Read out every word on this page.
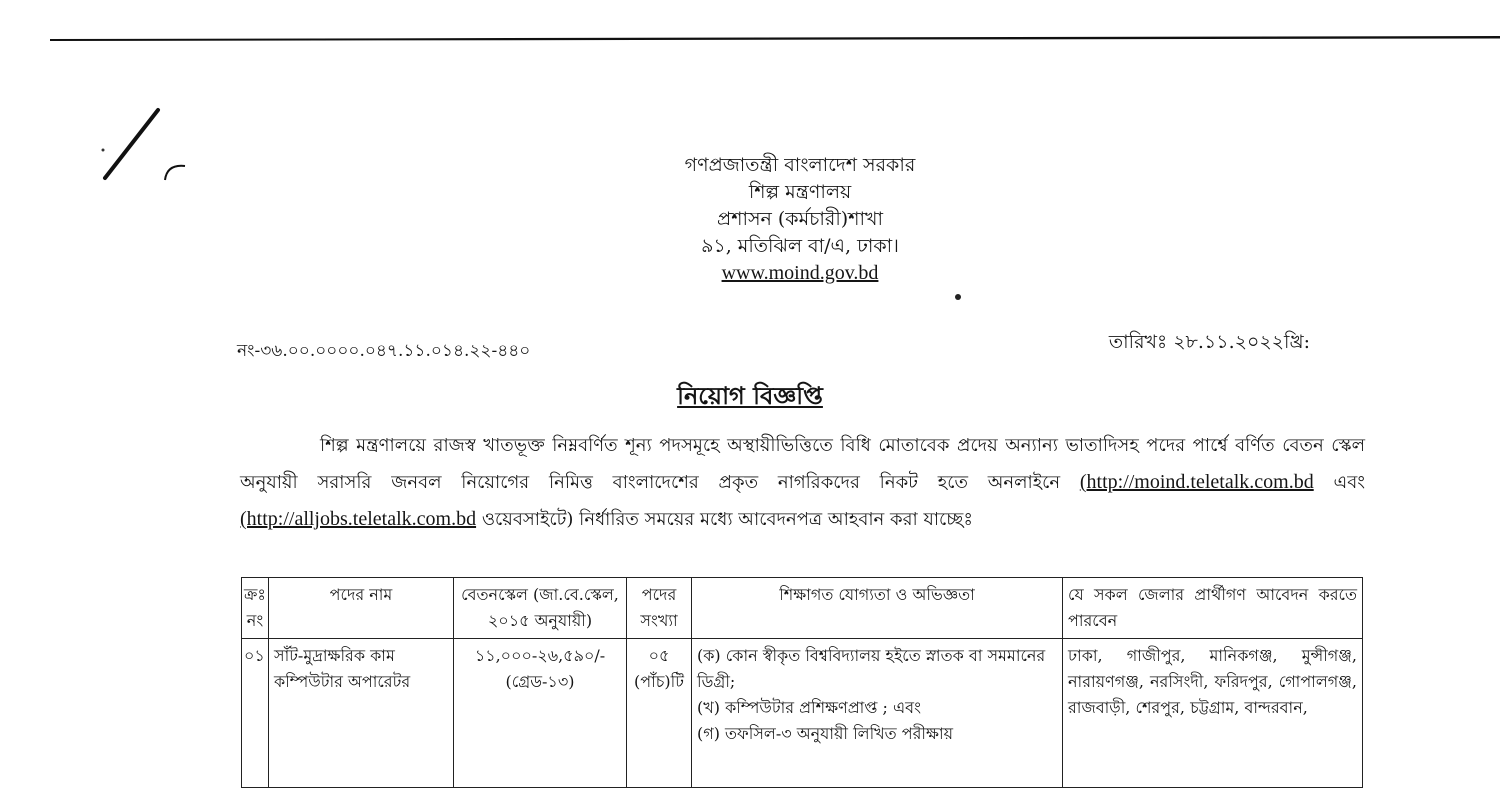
গণপ্রজাতন্ত্রী বাংলাদেশ সরকার
শিল্প মন্ত্রণালয়
প্রশাসন (কর্মচারী)শাখা
৯১, মতিঝিল বা/এ, ঢাকা।
www.moind.gov.bd
নং-৩৬.০০.০০০০.০৪৭.১১.০১৪.২২-৪৪০	তারিখঃ ২৮.১১.২০২২খ্রি:
নিয়োগ বিজ্ঞপ্তি
শিল্প মন্ত্রণালয়ে রাজস্ব খাতভূক্ত নিম্নবর্ণিত শূন্য পদসমূহে অস্থায়ীভিত্তিতে বিধি মোতাবেক প্রদেয় অন্যান্য ভাতাদিসহ পদের পার্শ্বে বর্ণিত বেতন স্কেল অনুযায়ী সরাসরি জনবল নিয়োগের নিমিত্ত বাংলাদেশের প্রকৃত নাগরিকদের নিকট হতে অনলাইনে (http://moind.teletalk.com.bd এবং (http://alljobs.teletalk.com.bd ওয়েবসাইটে) নির্ধারিত সময়ের মধ্যে আবেদনপত্র আহবান করা যাচ্ছেঃ
ক্রঃ নং	পদের নাম	বেতনস্কেল (জা.বে.স্কেল, ২০১৫ অনুযায়ী)	পদের সংখ্যা	শিক্ষাগত যোগ্যতা ও অভিজ্ঞতা	যে সকল জেলার প্রার্থীগণ আবেদন করতে পারবেন
০১	সাঁট-মুদ্রাক্ষরিক কাম কম্পিউটার অপারেটর	১১,০০০-২৬,৫৯০/- (গ্রেড-১৩)	০৫ (পাঁচ)টি	(ক) কোন স্বীকৃত বিশ্ববিদ্যালয় হইতে স্নাতক বা সমমানের ডিগ্রী;
(খ) কম্পিউটার প্রশিক্ষণপ্রাপ্ত ; এবং
(গ) তফসিল-৩ অনুযায়ী লিখিত পরীক্ষায়	ঢাকা, গাজীপুর, মানিকগঞ্জ, মুন্সীগঞ্জ, নারায়ণগঞ্জ, নরসিংদী, ফরিদপুর, গোপালগঞ্জ, রাজবাড়ী, শেরপুর, চট্টগ্রাম, বান্দরবান,
